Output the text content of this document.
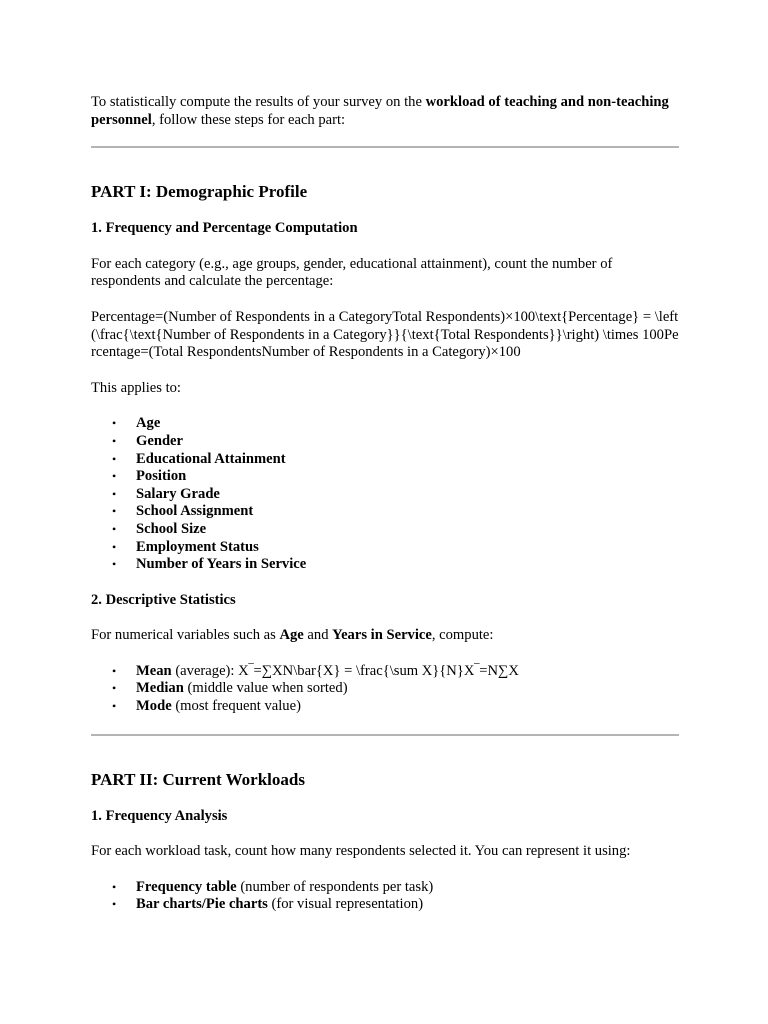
To statistically compute the results of your survey on the workload of teaching and non-teaching personnel, follow these steps for each part:

PART I: Demographic Profile
1. Frequency and Percentage Computation

For each category (e.g., age groups, gender, educational attainment), count the number of respondents and calculate the percentage:

Percentage=(Number of Respondents in a CategoryTotal Respondents)×100\text{Percentage} = \left(\frac{\text{Number of Respondents in a Category}}{\text{Total Respondents}}\right) \times 100Percentage=(Total RespondentsNumber of Respondents in a Category)×100

This applies to:

• Age
• Gender
• Educational Attainment
• Position
• Salary Grade
• School Assignment
• School Size
• Employment Status
• Number of Years in Service
2. Descriptive Statistics

For numerical variables such as Age and Years in Service, compute:

• Mean (average): X‾=∑XN\bar{X} = \frac{\sum X}{N}X‾=N∑X
• Median (middle value when sorted)
• Mode (most frequent value)
PART II: Current Workloads
1. Frequency Analysis

For each workload task, count how many respondents selected it. You can represent it using:

• Frequency table (number of respondents per task)
• Bar charts/Pie charts (for visual representation)
